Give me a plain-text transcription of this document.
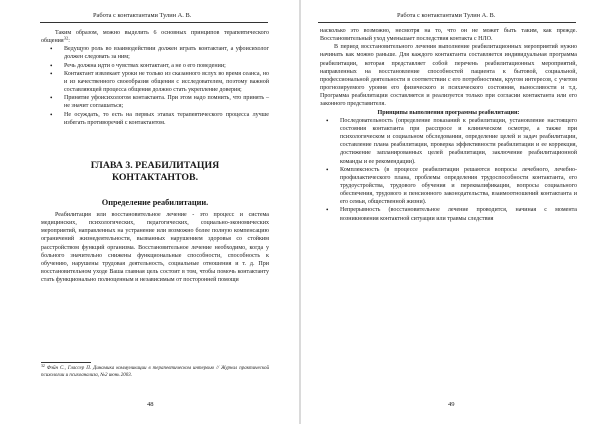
Работа с контактантами Тулин А. В.

Таким образом, можно выделить 6 основных принципов терапевтического общения$^{32}$:

• Ведущую роль во взаимодействии должен играть контактант, а уфоисихолог должен следовать за ним;
• Речь должна идти о чувствах контактант, а не о его поведении;
• Контактант извлекает уроки не только из сказанного вслух во время сеанса, но и из качественного своеобразия общения с исследователем, поэтому важной составляющей процесса общения должно стать укрепление доверия;
• Принятие уфоисихологом контактанта. При этом надо помнить, что принять – не значит соглашаться;
• Не осуждать, то есть на первых этапах терапевтического процесса лучше избегать противоречий с контактантом.
ГЛАВА 3. РЕАБИЛИТАЦИЯ
КОНТАКТАНТОВ.
Определение реабилитации.

Реабилитация или восстановительное лечение - это процесс и система медицинских, психологических, педагогических, социально-экономических мероприятий, направленных на устранение или возможно более полную компенсацию ограничений жизнедеятельности, вызванных нарушением здоровья со стойким расстройством функций организма. Восстановительное лечение необходимо, когда у больного значительно снижены функциональные способности, способность к обучению, нарушены трудовая деятельность, социальные отношения и т. д. При восстановительном уходе Ваша главная цель состоит в том, чтобы помочь контактанту стать функционально полноценным и независимым от посторонней помощи

$^{32}$ Фэйн С., Глассер П. Динамика коммуникации в терапевтическом интервью // Журнал практической психологии и психоанализа, №2 июнь 2003.
48
Работа с контактантами Тулин А. В.

насколько это возможно, несмотря на то, что он не может быть таким, как прежде. Восстановительный уход уменьшает последствия контакта с НЛО.

В период восстановительного лечения выполнение реабилитационных мероприятий нужно начинать как можно раньше. Для каждого контактанта составляется индивидуальная программа реабилитации, которая представляет собой перечень реабилитационных мероприятий, направленных на восстановление способностей пациента к бытовой, социальной, профессиональной деятельности в соответствии с его потребностями, кругом интересов, с учетом прогнозируемого уровня его физического и психического состояния, выносливости и т.д. Программа реабилитации составляется и реализуется только при согласии контактанта или его законного представителя.

Принципы выполнения программы реабилитации:

• Последовательность (определение показаний к реабилитации, установление настоящего состояния контактанта при расспросе и клиническом осмотре, а также при психологическом и социальном обследовании, определение целей и задач реабилитации, составление плана реабилитации, проверка эффективности реабилитации и ее коррекция, достижение запланированных целей реабилитации, заключение реабилитационной команды и ее рекомендации).
• Комплексность (в процессе реабилитации решаются вопросы лечебного, лечебно-профилактического плана, проблемы определения трудоспособности контактанта, его трудоустройства, трудового обучения и переквалификации, вопросы социального обеспечения, трудового и пенсионного законодательства, взаимоотношений контактанта и его семьи, общественной жизни).
• Непрерывность (восстановительное лечение проводится, начиная с момента возникновения контактной ситуации или травмы следствия
49
